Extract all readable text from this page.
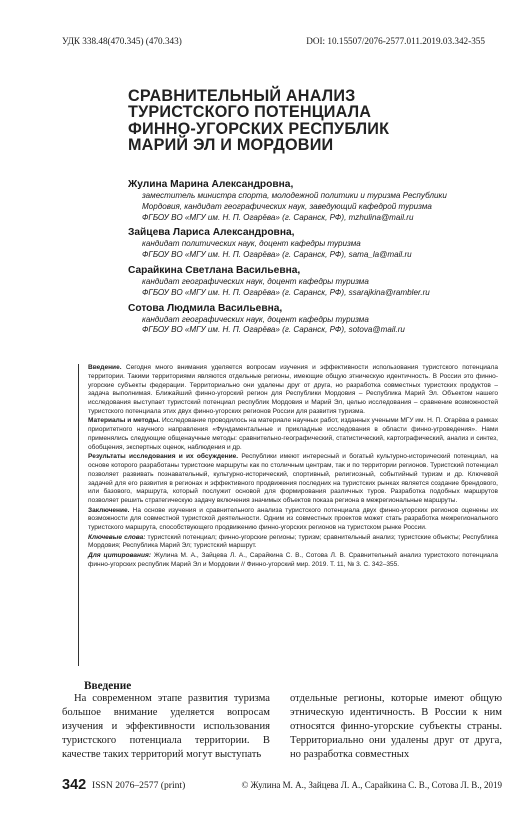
УДК 338.48(470.345) (470.343)	DOI: 10.15507/2076-2577.011.2019.03.342-355
СРАВНИТЕЛЬНЫЙ АНАЛИЗ
ТУРИСТСКОГО ПОТЕНЦИАЛА
ФИННО-УГОРСКИХ РЕСПУБЛИК
МАРИЙ ЭЛ И МОРДОВИИ
Жулина Марина Александровна,
заместитель министра спорта, молодежной политики и туризма Республики
Мордовия, кандидат географических наук, заведующий кафедрой туризма
ФГБОУ ВО «МГУ им. Н. П. Огарёва» (г. Саранск, РФ), mzhulina@mail.ru
Зайцева Лариса Александровна,
кандидат политических наук, доцент кафедры туризма
ФГБОУ ВО «МГУ им. Н. П. Огарёва» (г. Саранск, РФ), sama_la@mail.ru
Сарайкина Светлана Васильевна,
кандидат географических наук, доцент кафедры туризма
ФГБОУ ВО «МГУ им. Н. П. Огарёва» (г. Саранск, РФ), ssarajkina@rambler.ru
Сотова Людмила Васильевна,
кандидат географических наук, доцент кафедры туризма
ФГБОУ ВО «МГУ им. Н. П. Огарёва» (г. Саранск, РФ), sotova@mail.ru

Введение. Сегодня много внимания уделяется вопросам изучения и эффективности использования туристского потенциала территории. Такими территориями являются отдельные регионы, имеющие общую этническую идентичность. В России это финно-угорские субъекты федерации. Территориально они удалены друг от друга, но разработка совместных туристских продуктов – задача выполнимая. Ближайший финно-угорский регион для Республики Мордовия – Республика Марий Эл. Объектом нашего исследования выступает туристский потенциал республик Мордовия и Марий Эл, целью исследования – сравнение возможностей туристского потенциала этих двух финно-угорских регионов России для развития туризма.

Материалы и методы. Исследование проводилось на материале научных работ, изданных учеными МГУ им. Н. П. Огарёва в рамках приоритетного научного направления «Фундаментальные и прикладные исследования в области финно-угроведения». Нами применялись следующие общенаучные методы: сравнительно-географический, статистический, картографический, анализ и синтез, обобщения, экспертных оценок, наблюдения и др.

Результаты исследования и их обсуждение. Республики имеют интересный и богатый культурно-исторический потенциал, на основе которого разработаны туристские маршруты как по столичным центрам, так и по территории регионов. Туристский потенциал позволяет развивать познавательный, культурно-исторический, спортивный, религиозный, событийный туризм и др. Ключевой задачей для его развития в регионах и эффективного продвижения последних на туристских рынках является создание брендового, или базового, маршрута, который послужит основой для формирования различных туров. Разработка подобных маршрутов позволяет решить стратегическую задачу включения значимых объектов показа региона в межрегиональные маршруты.

Заключение. На основе изучения и сравнительного анализа туристского потенциала двух финно-угорских регионов оценены их возможности для совместной туристской деятельности. Одним из совместных проектов может стать разработка межрегионального туристского маршрута, способствующего продвижению финно-угорских регионов на туристском рынке России.

Ключевые слова: туристский потенциал; финно-угорские регионы; туризм; сравнительный анализ; туристские объекты; Республика Мордовия; Республика Марий Эл; туристский маршрут.

Для цитирования: Жулина М. А., Зайцева Л. А., Сарайкина С. В., Сотова Л. В. Сравнительный анализ туристского потенциала финно-угорских республик Марий Эл и Мордовии // Финно-угорский мир. 2019. Т. 11, № 3. С. 342–355.

Введение
На современном этапе развития туризма большое внимание уделяется вопросам изучения и эффективности использования туристского потенциала территории. В качестве таких территорий могут выступать
отдельные регионы, которые имеют общую этническую идентичность. В России к ним относятся финно-угорские субъекты страны. Территориально они удалены друг от друга, но разработка совместных
342 ISSN 2076–2577 (print)	© Жулина М. А., Зайцева Л. А., Сарайкина С. В., Сотова Л. В., 2019
